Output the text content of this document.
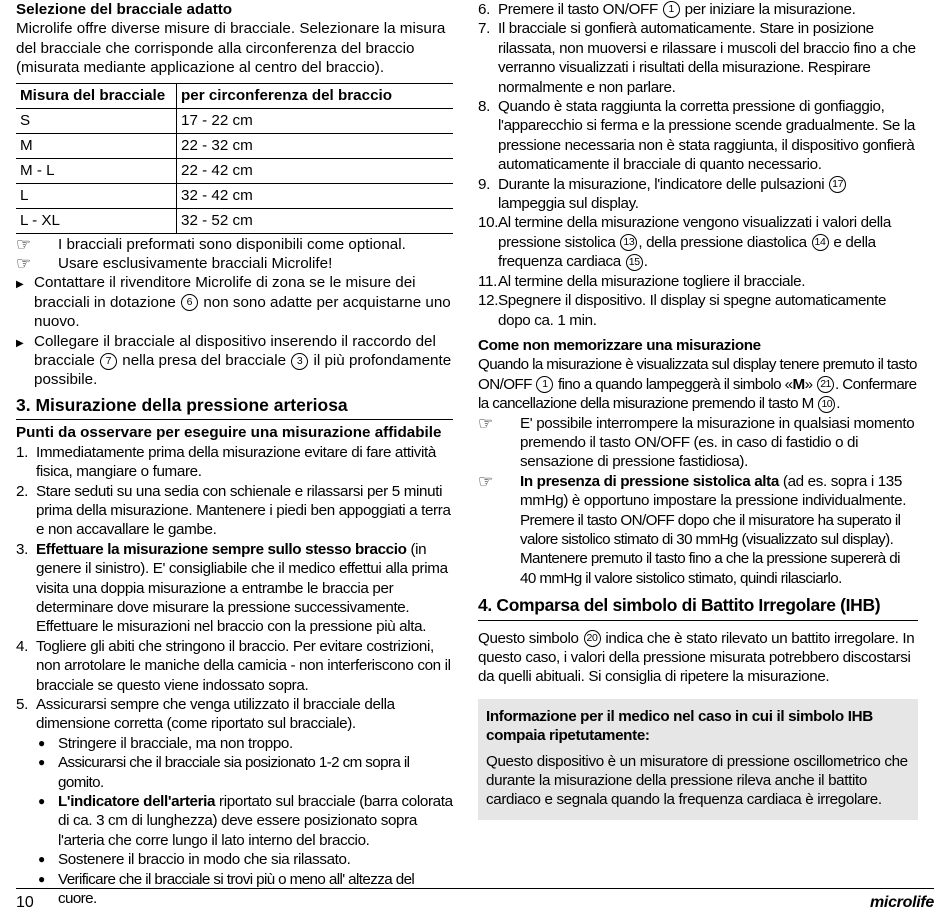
Selezione del bracciale adatto

Microlife offre diverse misure di bracciale. Selezionare la misura del bracciale che corrisponde alla circonferenza del braccio (misurata mediante applicazione al centro del braccio).

Misura del bracciale	per circonferenza del braccio
S	17 - 22 cm
M	22 - 32 cm
M - L	22 - 42 cm
L	32 - 42 cm
L - XL	32 - 52 cm
☞	I bracciali preformati sono disponibili come optional.
☞	Usare esclusivamente bracciali Microlife!
▶ Contattare il rivenditore Microlife di zona se le misure dei bracciali in dotazione 6 non sono adatte per acquistarne uno nuovo.
▶ Collegare il bracciale al dispositivo inserendo il raccordo del bracciale 7 nella presa del bracciale 3 il più profondamente possibile.
3. Misurazione della pressione arteriosa

Punti da osservare per eseguire una misurazione affidabile

1. Immediatamente prima della misurazione evitare di fare attività fisica, mangiare o fumare.
2. Stare seduti su una sedia con schienale e rilassarsi per 5 minuti prima della misurazione. Mantenere i piedi ben appoggiati a terra e non accavallare le gambe.
3. Effettuare la misurazione sempre sullo stesso braccio (in genere il sinistro). E' consigliabile che il medico effettui alla prima visita una doppia misurazione a entrambe le braccia per determinare dove misurare la pressione successivamente.
Effettuare le misurazioni nel braccio con la pressione più alta.
4. Togliere gli abiti che stringono il braccio. Per evitare costrizioni, non arrotolare le maniche della camicia - non interferiscono con il bracciale se questo viene indossato sopra.
5. Assicurarsi sempre che venga utilizzato il bracciale della dimensione corretta (come riportato sul bracciale).
● Stringere il bracciale, ma non troppo.
● Assicurarsi che il bracciale sia posizionato 1-2 cm sopra il gomito.
● L'indicatore dell'arteria riportato sul bracciale (barra colorata di ca. 3 cm di lunghezza) deve essere posizionato sopra l'arteria che corre lungo il lato interno del braccio.
● Sostenere il braccio in modo che sia rilassato.
● Verificare che il bracciale si trovi più o meno all' altezza del cuore.
6. Premere il tasto ON/OFF 1 per iniziare la misurazione.
7. Il bracciale si gonfierà automaticamente. Stare in posizione rilassata, non muoversi e rilassare i muscoli del braccio fino a che verranno visualizzati i risultati della misurazione. Respirare normalmente e non parlare.
8. Quando è stata raggiunta la corretta pressione di gonfiaggio, l'apparecchio si ferma e la pressione scende gradualmente. Se la pressione necessaria non è stata raggiunta, il dispositivo gonfierà automaticamente il bracciale di quanto necessario.
9. Durante la misurazione, l'indicatore delle pulsazioni 17
lampeggia sul display.
10. Al termine della misurazione vengono visualizzati i valori della pressione sistolica 13 , della pressione diastolica 14 e della frequenza cardiaca 15 .
11. Al termine della misurazione togliere il bracciale.
12. Spegnere il dispositivo. Il display si spegne automaticamente dopo ca. 1 min.

Come non memorizzare una misurazione

Quando la misurazione è visualizzata sul display tenere premuto il tasto ON/OFF 1 fino a quando lampeggerà il simbolo «M» 21 . Confermare la cancellazione della misurazione premendo il tasto M 10 .

☞	E' possibile interrompere la misurazione in qualsiasi momento premendo il tasto ON/OFF (es. in caso di fastidio o di sensazione di pressione fastidiosa).
☞	In presenza di pressione sistolica alta (ad es. sopra i 135 mmHg) è opportuno impostare la pressione individualmente.
Premere il tasto ON/OFF dopo che il misuratore ha superato il valore sistolico stimato di 30 mmHg (visualizzato sul display). Mantenere premuto il tasto fino a che la pressione supererà di 40 mmHg il valore sistolico stimato, quindi rilasciarlo.
4. Comparsa del simbolo di Battito Irregolare (IHB)

Questo simbolo 20 indica che è stato rilevato un battito irregolare. In questo caso, i valori della pressione misurata potrebbero discostarsi da quelli abituali. Si consiglia di ripetere la misurazione.

Informazione per il medico nel caso in cui il simbolo IHB compaia ripetutamente:

Questo dispositivo è un misuratore di pressione oscillometrico che durante la misurazione della pressione rileva anche il battito cardiaco e segnala quando la frequenza cardiaca è irregolare.

10	microlife
